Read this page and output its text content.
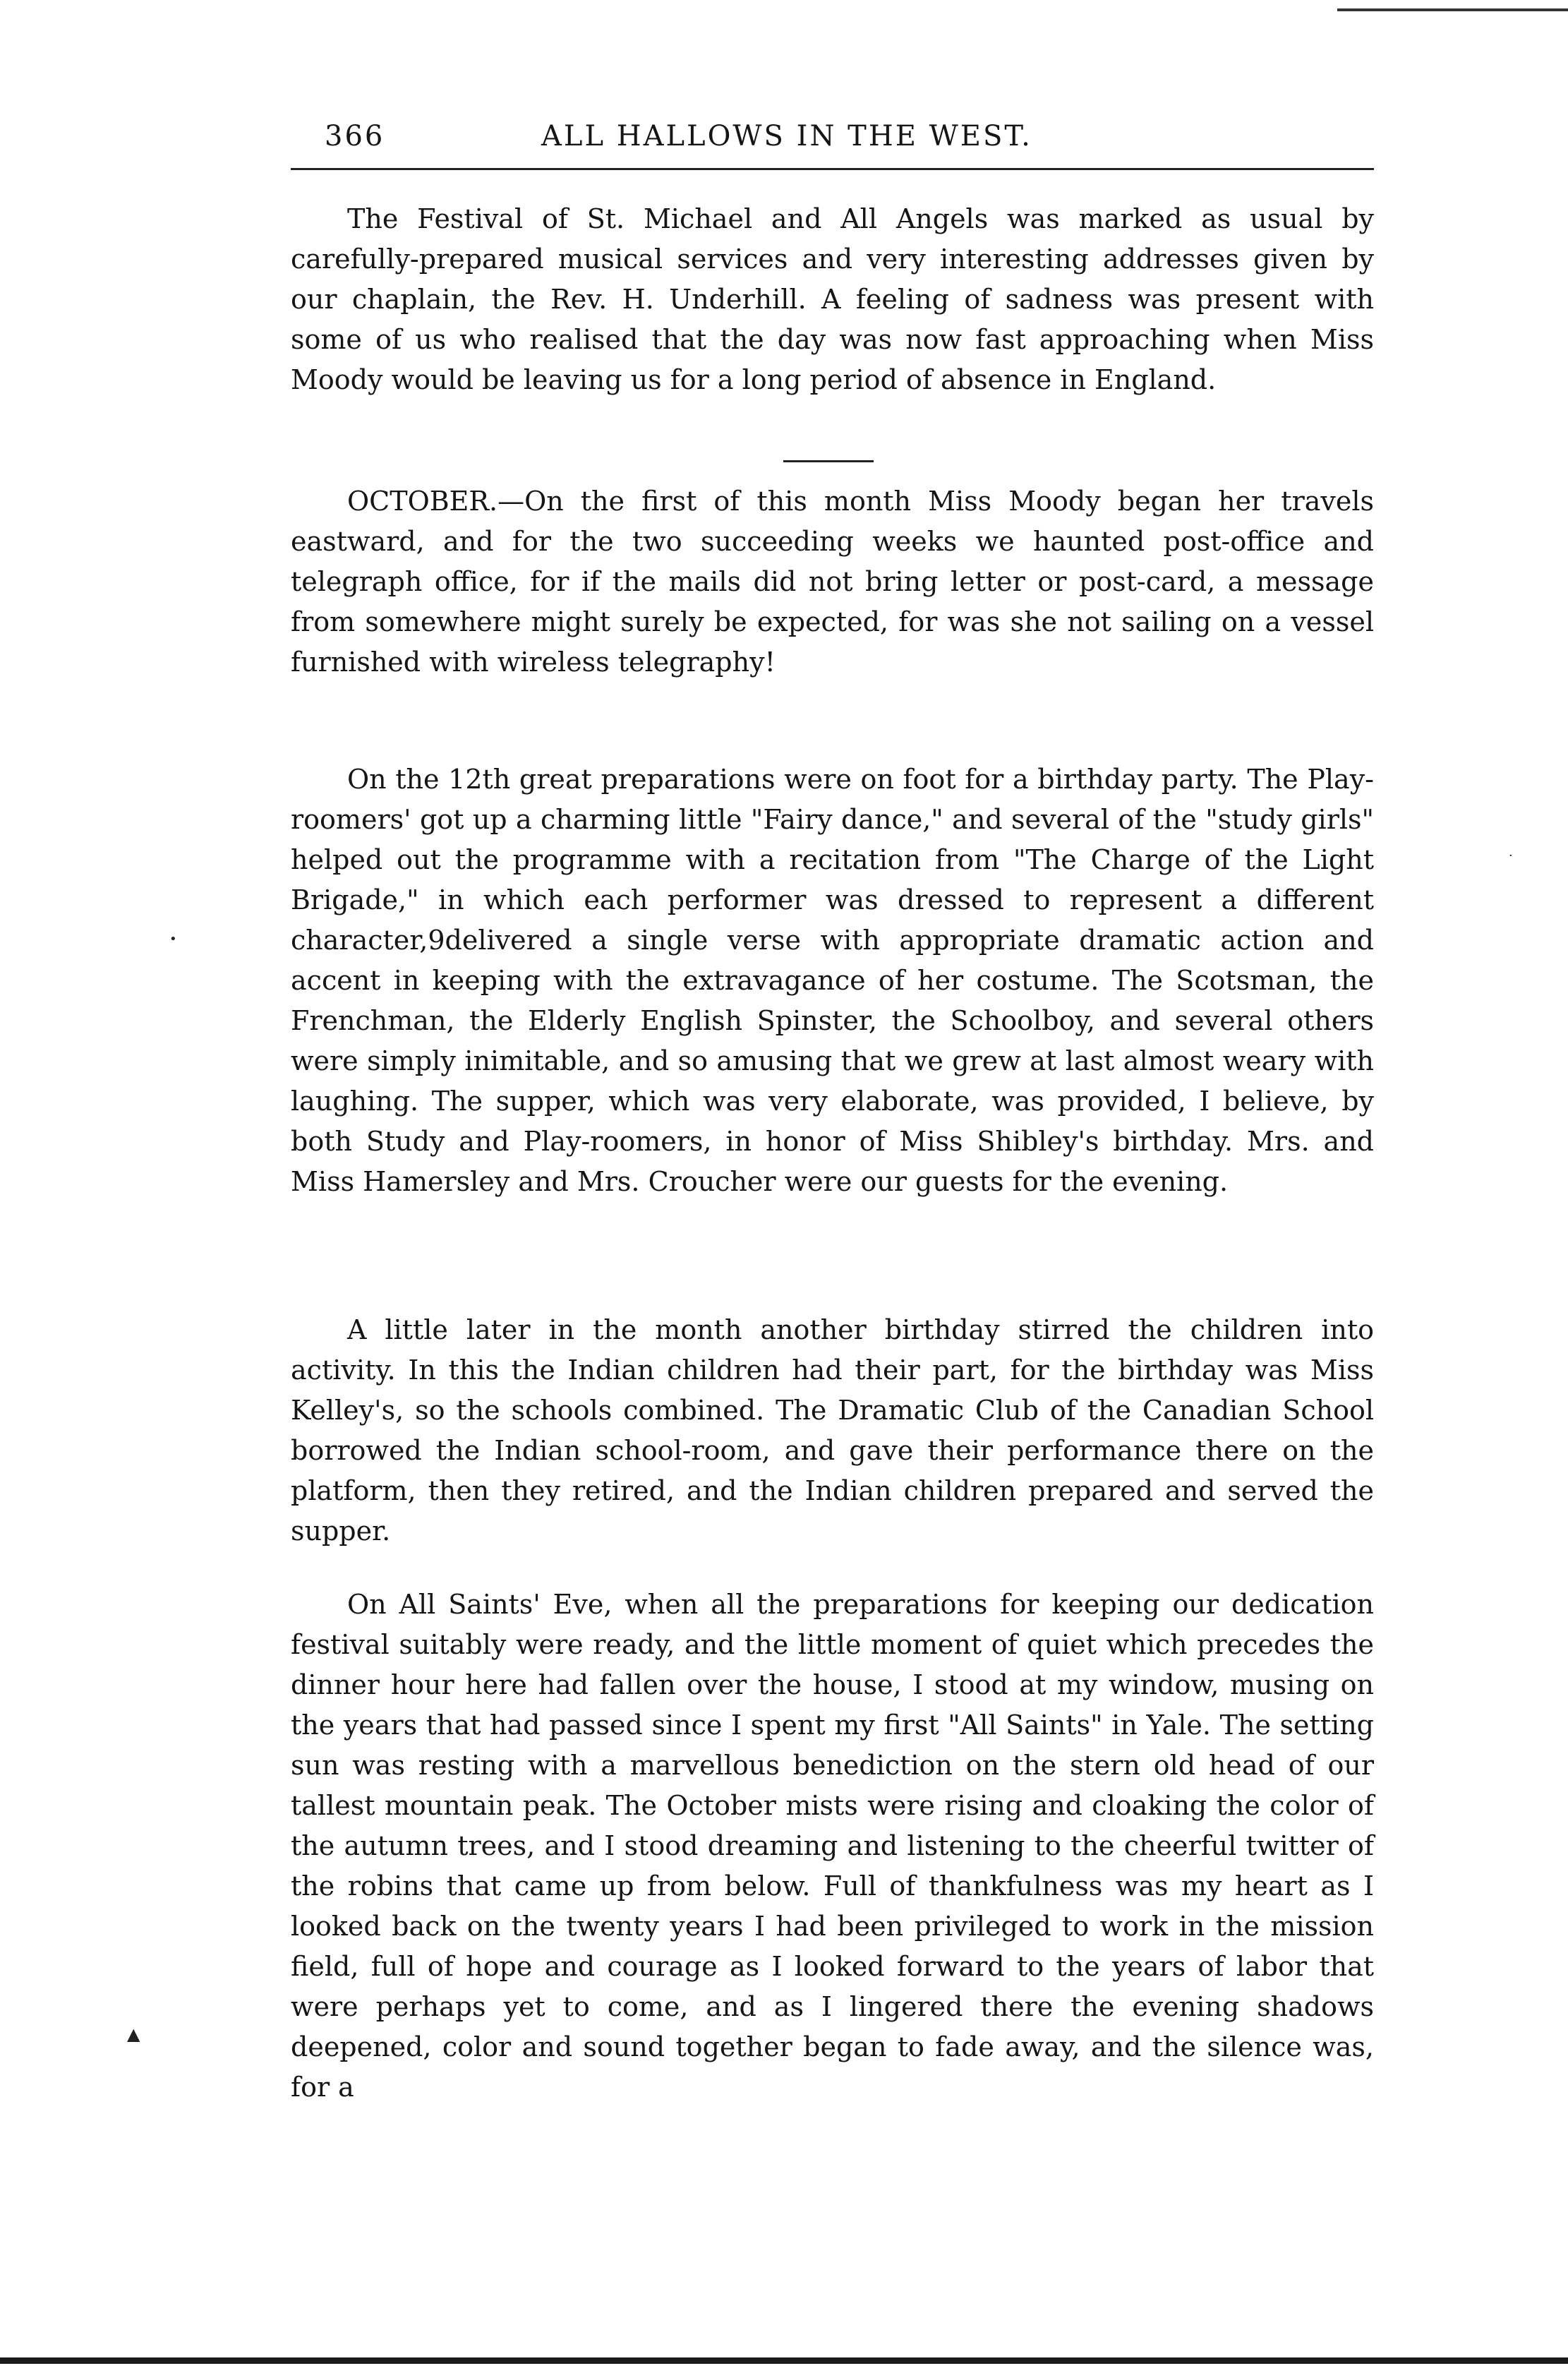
366	ALL HALLOWS IN THE WEST.

The Festival of St. Michael and All Angels was marked as usual by carefully-prepared musical services and very interesting addresses given by our chaplain, the Rev. H. Underhill. A feeling of sadness was present with some of us who realised that the day was now fast approaching when Miss Moody would be leaving us for a long period of absence in England.

OCTOBER.—On the first of this month Miss Moody began her travels eastward, and for the two succeeding weeks we haunted post-office and telegraph office, for if the mails did not bring letter or post-card, a message from somewhere might surely be expected, for was she not sailing on a vessel furnished with wireless telegraphy!

On the 12th great preparations were on foot for a birthday party. The Play-roomers' got up a charming little "Fairy dance," and several of the "study girls" helped out the programme with a recitation from "The Charge of the Light Brigade," in which each performer was dressed to represent a different character,9delivered a single verse with appropriate dramatic action and accent in keeping with the extravagance of her costume. The Scotsman, the Frenchman, the Elderly English Spinster, the Schoolboy, and several others were simply inimitable, and so amusing that we grew at last almost weary with laughing. The supper, which was very elaborate, was provided, I believe, by both Study and Play-roomers, in honor of Miss Shibley's birthday. Mrs. and Miss Hamersley and Mrs. Croucher were our guests for the evening.

A little later in the month another birthday stirred the children into activity. In this the Indian children had their part, for the birthday was Miss Kelley's, so the schools combined. The Dramatic Club of the Canadian School borrowed the Indian school-room, and gave their performance there on the platform, then they retired, and the Indian children prepared and served the supper.

On All Saints' Eve, when all the preparations for keeping our dedication festival suitably were ready, and the little moment of quiet which precedes the dinner hour here had fallen over the house, I stood at my window, musing on the years that had passed since I spent my first "All Saints" in Yale. The setting sun was resting with a marvellous benediction on the stern old head of our tallest mountain peak. The October mists were rising and cloaking the color of the autumn trees, and I stood dreaming and listening to the cheerful twitter of the robins that came up from below. Full of thankfulness was my heart as I looked back on the twenty years I had been privileged to work in the mission field, full of hope and courage as I looked forward to the years of labor that were perhaps yet to come, and as I lingered there the evening shadows deepened, color and sound together began to fade away, and the silence was, for a

•
▲
·
